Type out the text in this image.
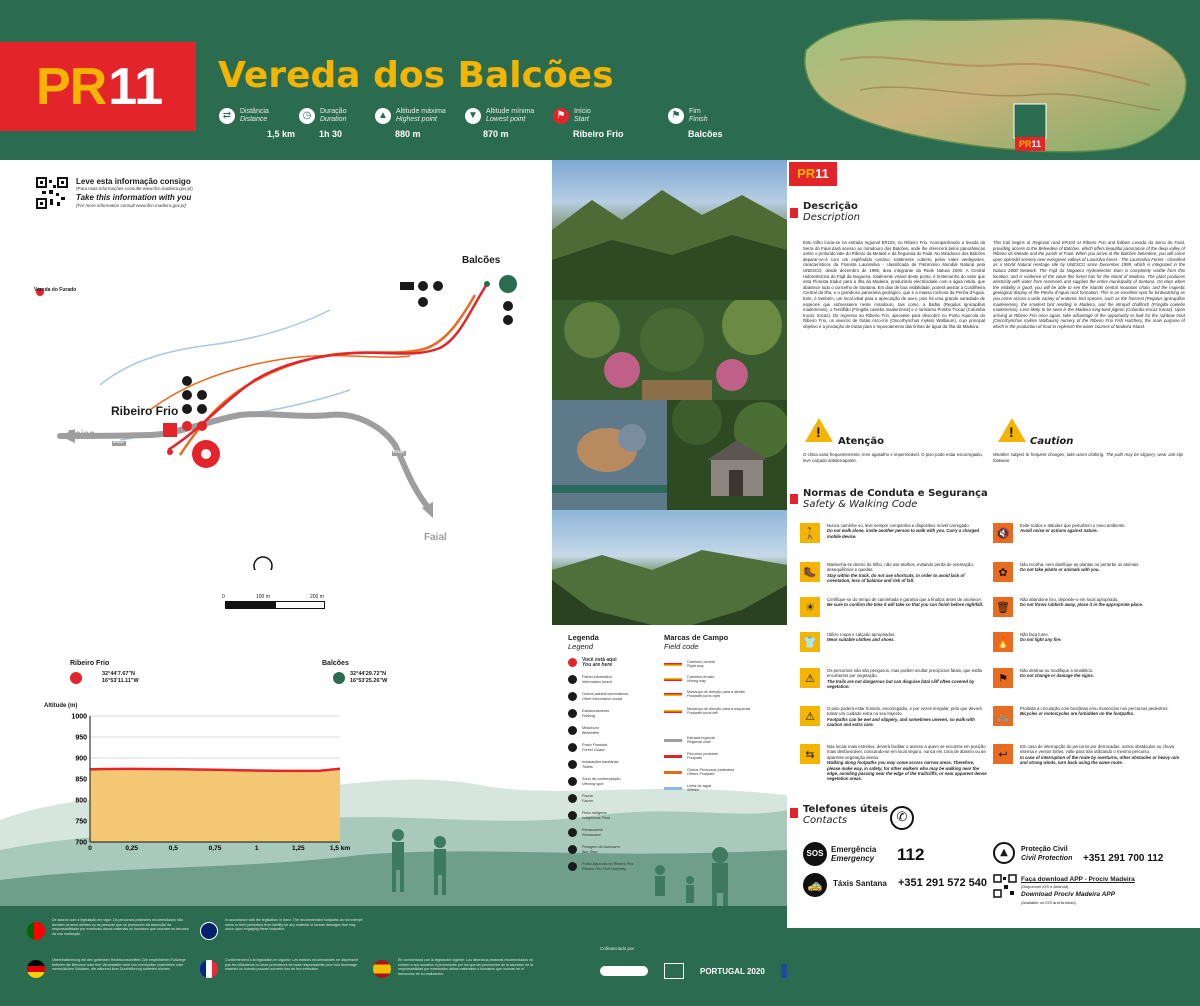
PR 11 Vereda dos Balcões
⇄	Distância
Distance
1,5 km
◷	Duração
Duration
1h 30
▲	Altitude máxima
Highest point
880 m
▼	Altitude mínima
Lowest point
870 m
⚑	Início
Start
Ribeiro Frio
⚑	Fim
Finish
Balcões
PR11
Leve esta informação consigo
(Para mais informações consulte www.ifcn.madeira.gov.pt)
Take this information with you
(For more information consult www.ifcn.madeira.gov.pt)
Vereda do Furado
Balcões
Ribeiro Frio
Poiso
Faial
ER103
ER103
0	100 m	200 m
Ribeiro Frio	Balcões
32°44'7.67"N
16°53'11.11"W
32°44'29.72"N
16°53'25.26"W
Altitude (m)
1000
950
900
850
800
750
700
0	0,25	0,5	0,75	1	1,25	1,5 km
Legenda
Legend
Marcas de Campo
Field code
Você está aqui
You are here
Painel informativo
Information board
Outros painéis informativos
Other information board
Estacionamento
Parking
Miradouro
Belvedere
Posto Florestal
Forest Guard
Instalações sanitárias
Toilets
Zona de contemplação
Viewing spot
Fauna
Fauna
Flora Indígena
Indigenous Flora
Restaurante
Restaurant
Paragem de Autocarro
Bus Stop
Posto Aquícola do Ribeiro Frio
Ribeiro Frio Fish Hatchery
Caminho correto
Right way
Caminho errado
Wrong way
Mudança de direção para a direita
Footpath turns right
Mudança de direção para a esquerda
Footpath turns left
Estrada regional
Regional road
Percurso pedestre
Footpath
Outros Percursos pedestres
Others Footpath
Linha de água
Stream
PR11
Descrição
Description
Este trilho inicia-se na estrada regional ER103, no Ribeiro Frio. Acompanhando a levada da Serra do Faial dará acesso ao miradouro dos Balcões, onde lhe oferecerá belos panorâmicas sobre o profundo vale do Ribeiro da Metade e da freguesia do Faial. No Miradouro dos Balcões deparar-se-á com um esplêndido cenário, totalmente coberto pelos vales verdejantes, característicos da Floresta Laurissilva - classificada de Património Mundial Natural pela UNESCO, desde dezembro de 1999, área integrante da Rede Natura 2000. A Central Hidroeléctrica do Fajã da Nogueira, totalmente visível deste ponto, é testemunho do valor que esta Floresta traduz para a Ilha da Madeira, produzindo electricidade com a água retida, que abastece todo o concelho de Santana. Em dias de boa visibilidade, poderá avistar a Cordilheira Central da Ilha, e o grandioso panorama geológico, que é a massa rochosa da Penha d'Águia. Este, é também, um local ideal para a apreciação de aves, pois há uma grande variedade de espécies que sobressaem neste miradouro, tais como, a Bisbis (Regulus ignicapillus madeirensis), o Tentilhão (Fringilla coelebs madeirensis) e o raríssimo Pombo Trocaz (Columba trocaz trocaz). De regresso ao Ribeiro Frio, aproveite para descobrir no Posto Aquícola do Ribeiro Frio, os viveiros de trutas Arco-íris (Oncorhynchus mykiss Walbaum), cujo principal objetivo é a produção de trutas para o repovoamento das linhas de água da Ilha da Madeira.
This trail begins at Regional road ER103 at Ribeiro Frio and follows Levada da Serra do Faial, providing access to the Belvedere of Balcões, which offers beautiful panoramas of the deep valley of Ribeiro da Metade and the parish of Faial. When you arrive at the Balcões belvedere, you will come upon splendid scenery over evergreen valleys of Laurisilva forest - The Laurissilva Forest - classified as a World Natural Heritage site by UNESCO since December 1999, which is integrated in the Natura 2000 Network. The Fajã da Nogueira Hydroelectric Dam is completely visible from this location, and is evidence of the value this forest has for the island of Madeira. The plant produces electricity with water from reservoirs and supplies the entire municipality of Santana. On days when the visibility is good, you will be able to see the islands central mountain chain, and the majestic geological display of the Penha d'Águia rock formation. This is an excellent spot for birdwatching as you come across a wide variety of endemic bird species, such as the firecrest (Regulus ignicapillus madeirensis), the smallest bird residing in Madeira, and the intrepid chaffinch (Fringilla coelebs madeirensis). Less likely to be seen is the Madeira long-toed pigeon (Columba trocaz trocaz). Upon arriving at Ribeiro Frio once again, take advantage of the opportunity to look for the rainbow trout (Oncorhynchus mykiss Walbaum) nursery of the Ribeiro Frio Fish Hatchery, the main purpose of which is the production of trout to replenish the water courses of Madeira Island.
!	!
Atenção	Caution
O clima varia frequentemente, leve agasalho e impermeável. O piso pode estar escorregadio, leve calçado antiderrapante.
Weather subject to frequent changes, take warm clothing. The path may be slippery, wear anti-slip footwear
Normas de Conduta e Segurança
Safety & Walking Code
🚶
Nunca caminhe só, leve sempre companhia e dispositivo móvel carregado.
Do not walk alone, invite another person to walk with you. Carry a charged mobile device.
🥾
Mantenha-se dentro do trilho, não use atalhos, evitando perda de orientação, desequilíbrios e quedas.
Stay within the track, do not use shortcuts, in order to avoid lack of orientation, loss of balance and risk of fall.
☀
Certifique-se do tempo de caminhada e garanta que a finaliza antes de anoitecer.
Be sure to confirm the time it will take so that you can finish before nightfall.
👕
Utilize roupa e calçado apropriados.
Wear suitable clothes and shoes.
⚠
Os percursos não são perigosos, mas podem ocultar precipícios fatais, que estão encobertos por vegetação.
The trails are not dangerous but can disguise fatal cliff often covered by vegetation.
⚠
O piso poderá estar húmido, escorregadio, e por vezes irregular, pelo que deverá tomar um cuidado extra no seu trajecto.
Footpaths can be wet and slippery, and sometimes uneven, so walk with caution and extra care.
⇆
Nas locais mais estreitos, deverá facilitar o acesso a quem se encontra em posição mais desfavorável, colocando-se em local seguro, nunca em zona de abismo ou de aparente vegetação densa.
Walking along footpaths you may come across narrow areas. Therefore, please make way, in safety, for other walkers who may be walking near the edge, avoiding passing near the edge of the trail/cliffs, or near apparent dense vegetation areas.
🔇
Evite ruídos e atitudes que perturbem o meio ambiente.
Avoid noise or actions against nature.
✿
Não recolha, nem danifique as plantas ou perturbe os animais.
Do not take plants or animals with you.
🗑
Não abandone lixo, deposite-o em local apropriado.
Do not throw rubbish away, place it in the appropriate place.
🔥
Não faça lume.
Do not light any fire.
⚑
Não destrua ou modifique a sinalética.
Do not change or damage the signs.
🚲
Proibida a circulação com bicicletas e/ou motociclos nos percursos pedestres.
Bicycles or motorcycles are forbidden on the footpaths.
↩
Em caso de interrupção do percurso por derrocadas, outros obstáculos ou chuva intensa e ventos fortes, volte para trás utilizando o mesmo percurso.
In case of interruption of the route by overturns, other obstacles or heavy rain and strong winds, turn back using the same route.
Telefones úteis
Contacts	✆
SOS Emergência
Emergency 112
🚕	Táxis Santana +351 291 572 540
▲	Proteção Civil
Civil Protection +351 291 700 112
Faça download APP - Prociv Madeira
(Disponível IOS e Android)
Download Prociv Madeira APP
(Available on IOS and Android)
De acordo com a legislação em vigor. Os percursos pedestres recomendados não isentam os seus utentes ou as pessoas que os promovem da assunção da responsabilidade por eventuais danos materiais ou humanos que ocorram no decurso da sua realização.
In accordance with the legislation in force. The recommended footpaths do not exempt users or their promoters from liability for any material or human damages that may occur upon engaging these footpaths.
Übereinstimmung mit den geltenden Rechtsvorschriften: Die empfohlenen Fußwege befreien die Benutzer oder ihre Veranstalter nicht von eventuellen materiellen oder menschlichen Schäden, die während ihrer Durchführung auftreten können.
Conformément à la législation en vigueur: Les trottoirs recommandés ne dispensent pas les utilisateurs ou leurs promoteurs de toute responsabilité pour tout dommage matériel ou humain pouvant survenir lors de leur exécution.
En conformidad con la legislación vigente: Los itinerarios peatonal recomendados no eximen a sus usuarios ni promotores por los que las promueven de la asunción de la responsabilidad por eventuales daños materiales o humanos que ocurran en el transcurso de su realización.
Cofinanciado por:
PORTUGAL 2020
